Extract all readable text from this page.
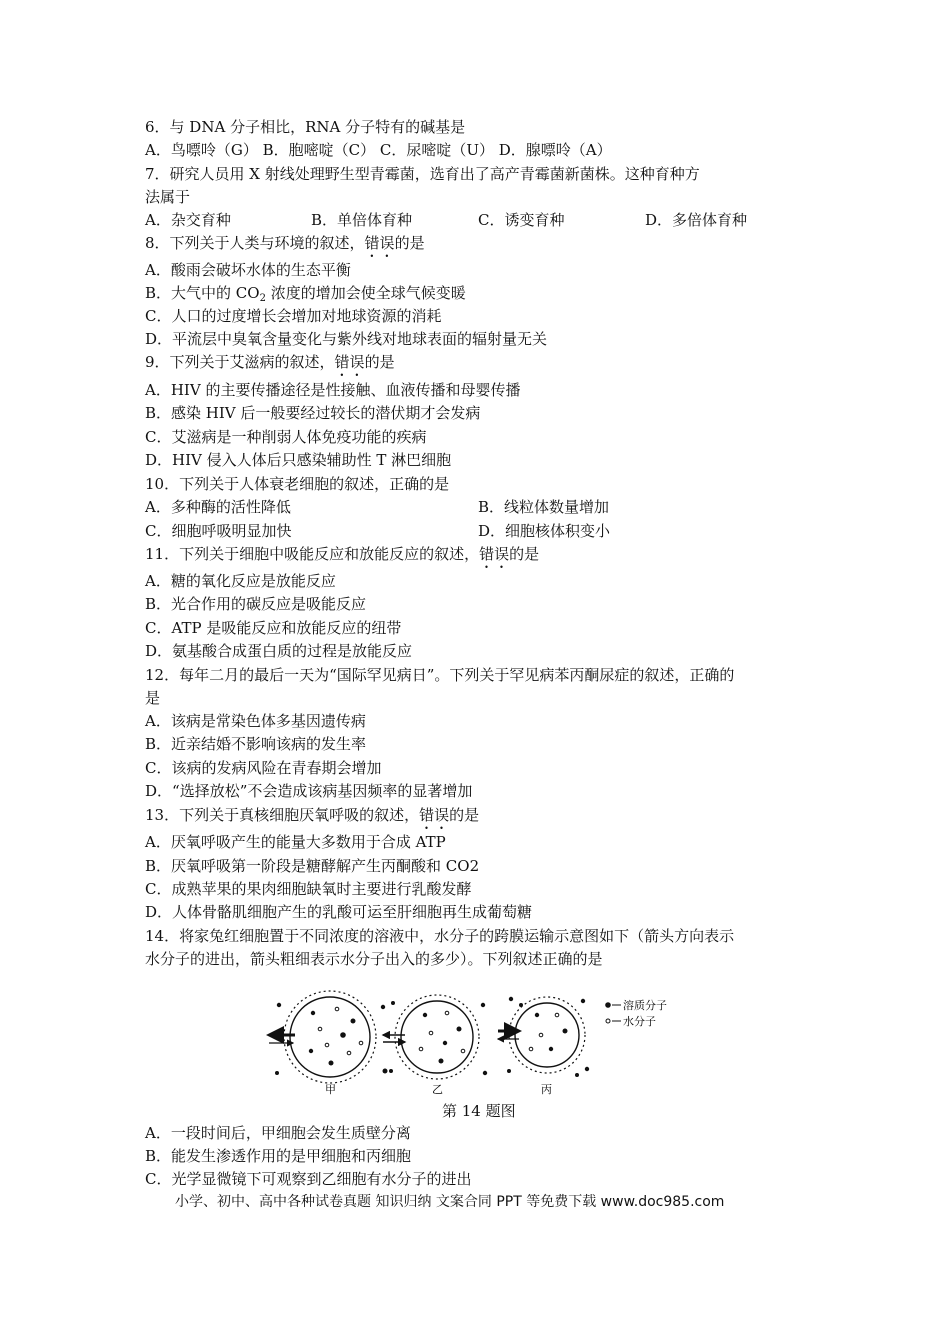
6．与 DNA 分子相比，RNA 分子特有的碱基是
A．鸟嘌呤（G） B．胞嘧啶（C） C．尿嘧啶（U） D．腺嘌呤（A）
7．研究人员用 X 射线处理野生型青霉菌，选育出了高产青霉菌新菌株。这种育种方
法属于
A．杂交育种	B．单倍体育种	C．诱变育种	D．多倍体育种
8．下列关于人类与环境的叙述，错误的是
A．酸雨会破坏水体的生态平衡
B．大气中的 $CO_2$ 浓度的增加会使全球气候变暖
C．人口的过度增长会增加对地球资源的消耗
D．平流层中臭氧含量变化与紫外线对地球表面的辐射量无关
9．下列关于艾滋病的叙述，错误的是
A．HIV 的主要传播途径是性接触、血液传播和母婴传播
B．感染 HIV 后一般要经过较长的潜伏期才会发病
C．艾滋病是一种削弱人体免疫功能的疾病
D．HIV 侵入人体后只感染辅助性 T 淋巴细胞
10．下列关于人体衰老细胞的叙述，正确的是
A．多种酶的活性降低	B．线粒体数量增加
C．细胞呼吸明显加快	D．细胞核体积变小
11．下列关于细胞中吸能反应和放能反应的叙述，错误的是
A．糖的氧化反应是放能反应
B．光合作用的碳反应是吸能反应
C．ATP 是吸能反应和放能反应的纽带
D．氨基酸合成蛋白质的过程是放能反应
12．每年二月的最后一天为“国际罕见病日”。下列关于罕见病苯丙酮尿症的叙述，正确的
是
A．该病是常染色体多基因遗传病
B．近亲结婚不影响该病的发生率
C．该病的发病风险在青春期会增加
D．“选择放松”不会造成该病基因频率的显著增加
13．下列关于真核细胞厌氧呼吸的叙述，错误的是
A．厌氧呼吸产生的能量大多数用于合成 ATP
B．厌氧呼吸第一阶段是糖酵解产生丙酮酸和 CO2
C．成熟苹果的果肉细胞缺氧时主要进行乳酸发酵
D．人体骨骼肌细胞产生的乳酸可运至肝细胞再生成葡萄糖
14．将家兔红细胞置于不同浓度的溶液中，水分子的跨膜运输示意图如下（箭头方向表示
水分子的进出，箭头粗细表示水分子出入的多少）。下列叙述正确的是
甲	乙	丙
溶质分子
水分子
第 14 题图
A．一段时间后，甲细胞会发生质壁分离
B．能发生渗透作用的是甲细胞和丙细胞
C．光学显微镜下可观察到乙细胞有水分子的进出
小学、初中、高中各种试卷真题 知识归纳 文案合同 PPT 等免费下载 www.doc985.com
